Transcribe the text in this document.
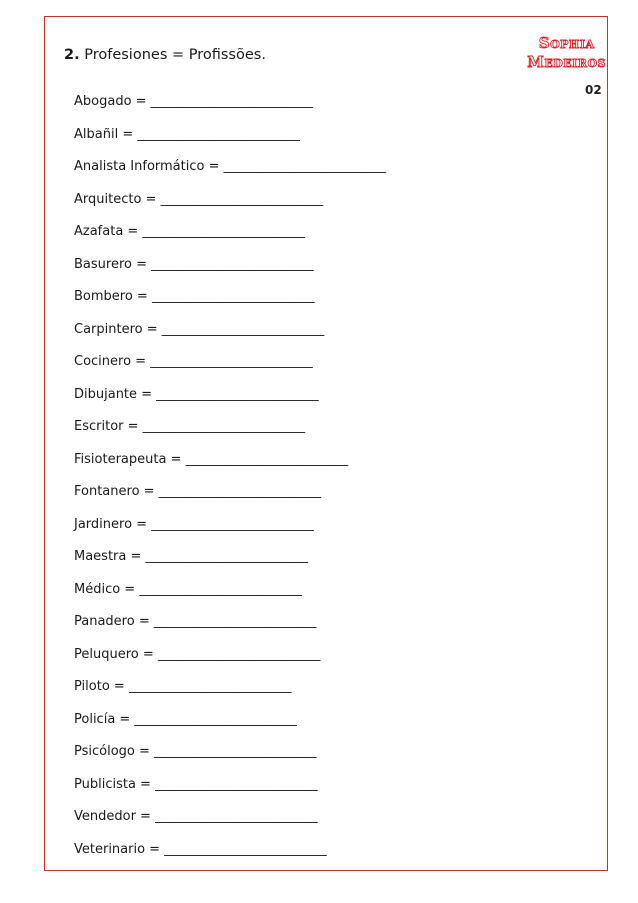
2. Profesiones = Profissões.
Sophia
Medeiros
02
Abogado = _________________________
Albañil = _________________________
Analista Informático = _________________________
Arquitecto = _________________________
Azafata = _________________________
Basurero = _________________________
Bombero = _________________________
Carpintero = _________________________
Cocinero = _________________________
Dibujante = _________________________
Escritor = _________________________
Fisioterapeuta = _________________________
Fontanero = _________________________
Jardinero = _________________________
Maestra = _________________________
Médico = _________________________
Panadero = _________________________
Peluquero = _________________________
Piloto = _________________________
Policía = _________________________
Psicólogo = _________________________
Publicista = _________________________
Vendedor = _________________________
Veterinario = _________________________
